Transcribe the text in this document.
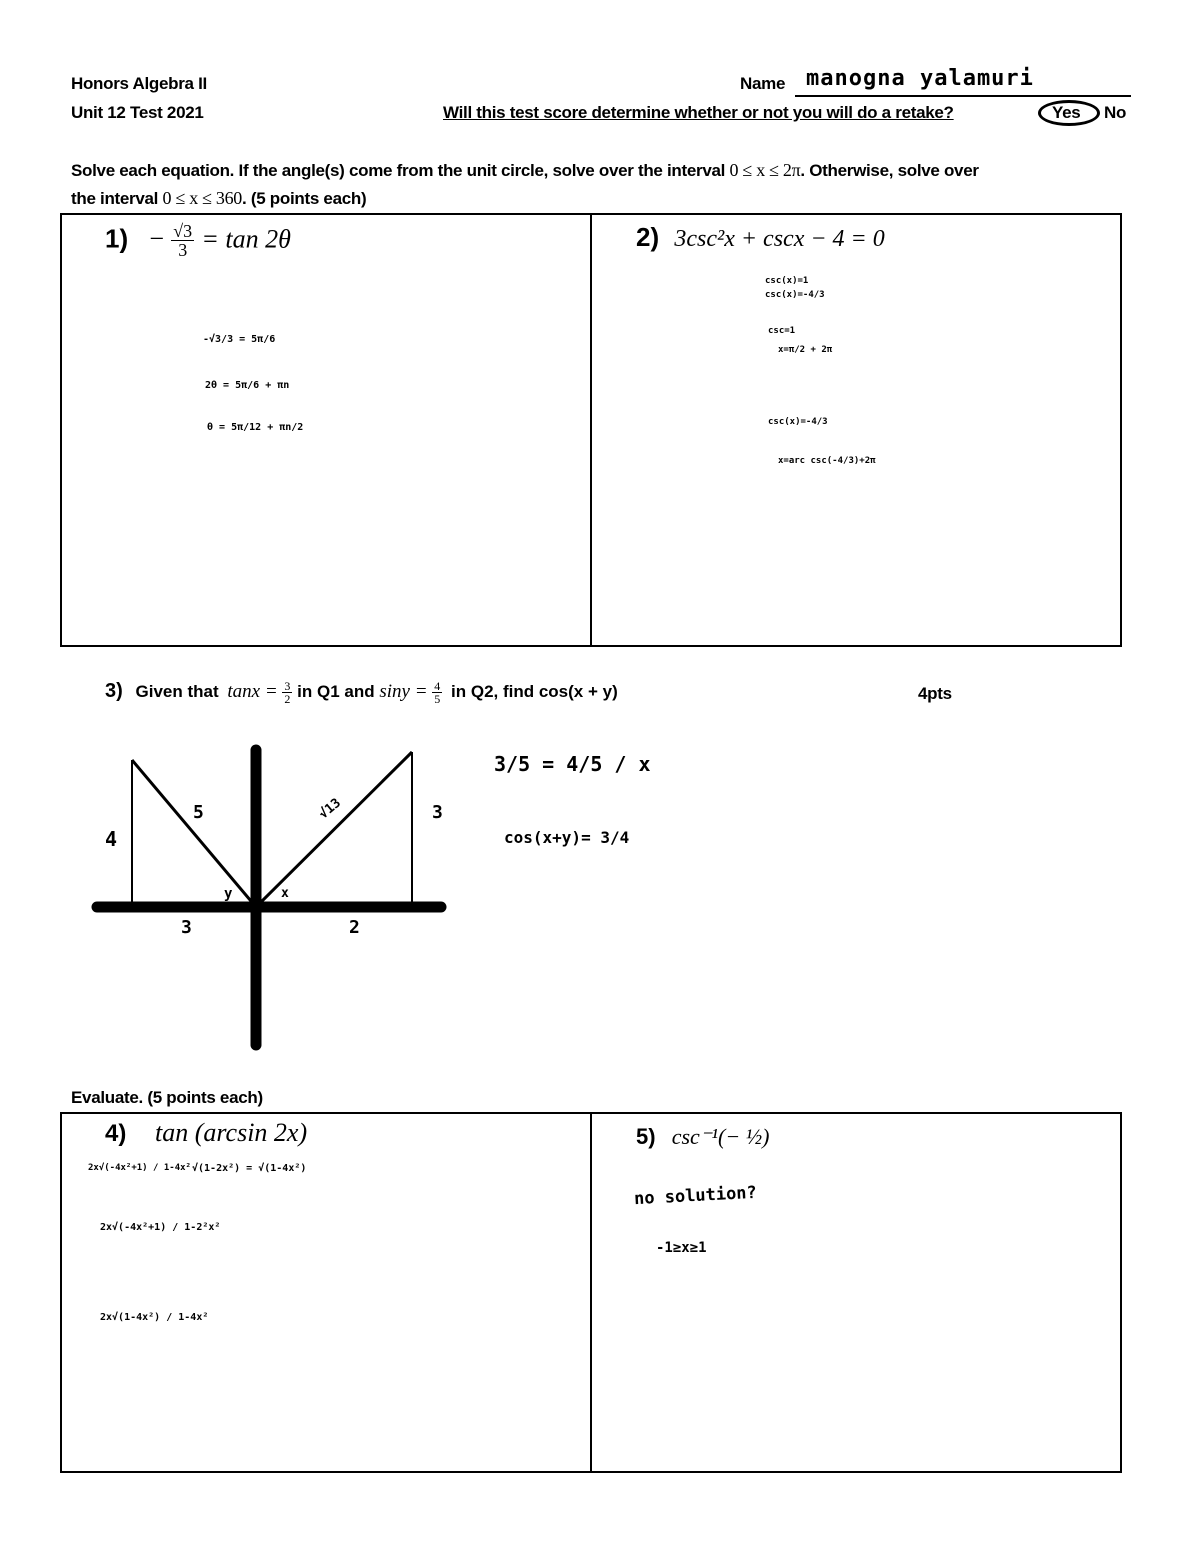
Honors Algebra II
Unit 12 Test 2021
Name manogna yalamuri
Will this test score determine whether or not you will do a retake?	Yes No
Solve each equation. If the angle(s) come from the unit circle, solve over the interval 0 ≤ x ≤ 2π. Otherwise, solve over
the interval 0 ≤ x ≤ 360. (5 points each)
$1) - \frac{√3}{3} = \tan 2\theta$
-√3/3 = 5π/6
2θ = 5π/6 + πn
θ = 5π/12 + πn/2
2) 3csc²x + cscx − 4 = 0
csc(x)=1
csc(x)=-4/3
csc=1
x=π/2 + 2π
csc(x)=-4/3
x=arc csc(-4/3)+2π
3) Given that $\tan x = \frac{3}{2}$ in Q1 and $\sin y = \frac{4}{5}$ in Q2, find cos(x + y)	4pts
4
5
3
√13	3
2
y	x
3/5 = 4/5 / x
cos(x+y)= 3/4
Evaluate. (5 points each)
4) tan (arcsin 2x)
2x√(-4x²+1) / 1-4x² √(1-2x²) = √(1-4x²)
2x√(-4x²+1) / 1-2²x²
2x√(1-4x²) / 1-4x²
5) csc⁻¹(− ½)
no solution?
-1≥x≥1
